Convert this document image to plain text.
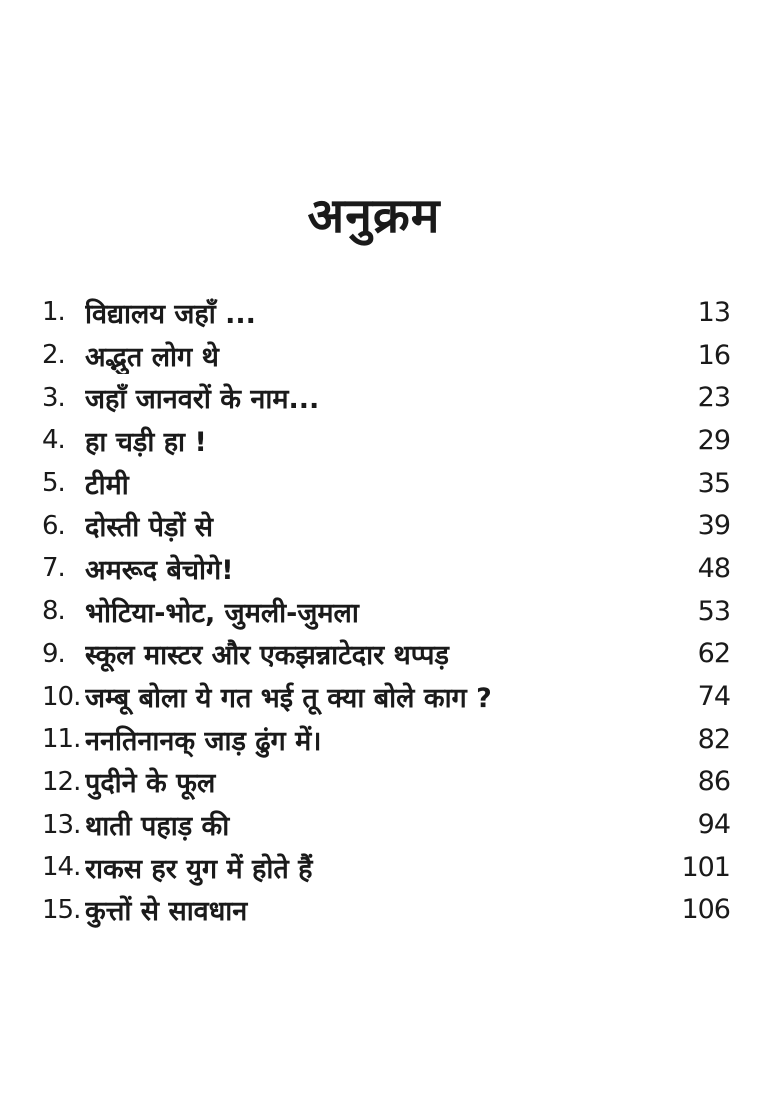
अनुक्रम
1. विद्यालय जहाँ ...	13
2. अद्भुत लोग थे	16
3. जहाँ जानवरों के नाम...	23
4. हा चड़ी हा !	29
5. टीमी	35
6. दोस्ती पेड़ों से	39
7. अमरूद बेचोगे!	48
8. भोटिया-भोट, जुमली-जुमला	53
9. स्कूल मास्टर और एकझन्नाटेदार थप्पड़	62
10. जम्बू बोला ये गत भई तू क्या बोले काग ?	74
11. ननतिनानक् जाड़ ढुंग में।	82
12. पुदीने के फूल	86
13. थाती पहाड़ की	94
14. राकस हर युग में होते हैं	101
15. कुत्तों से सावधान	106
